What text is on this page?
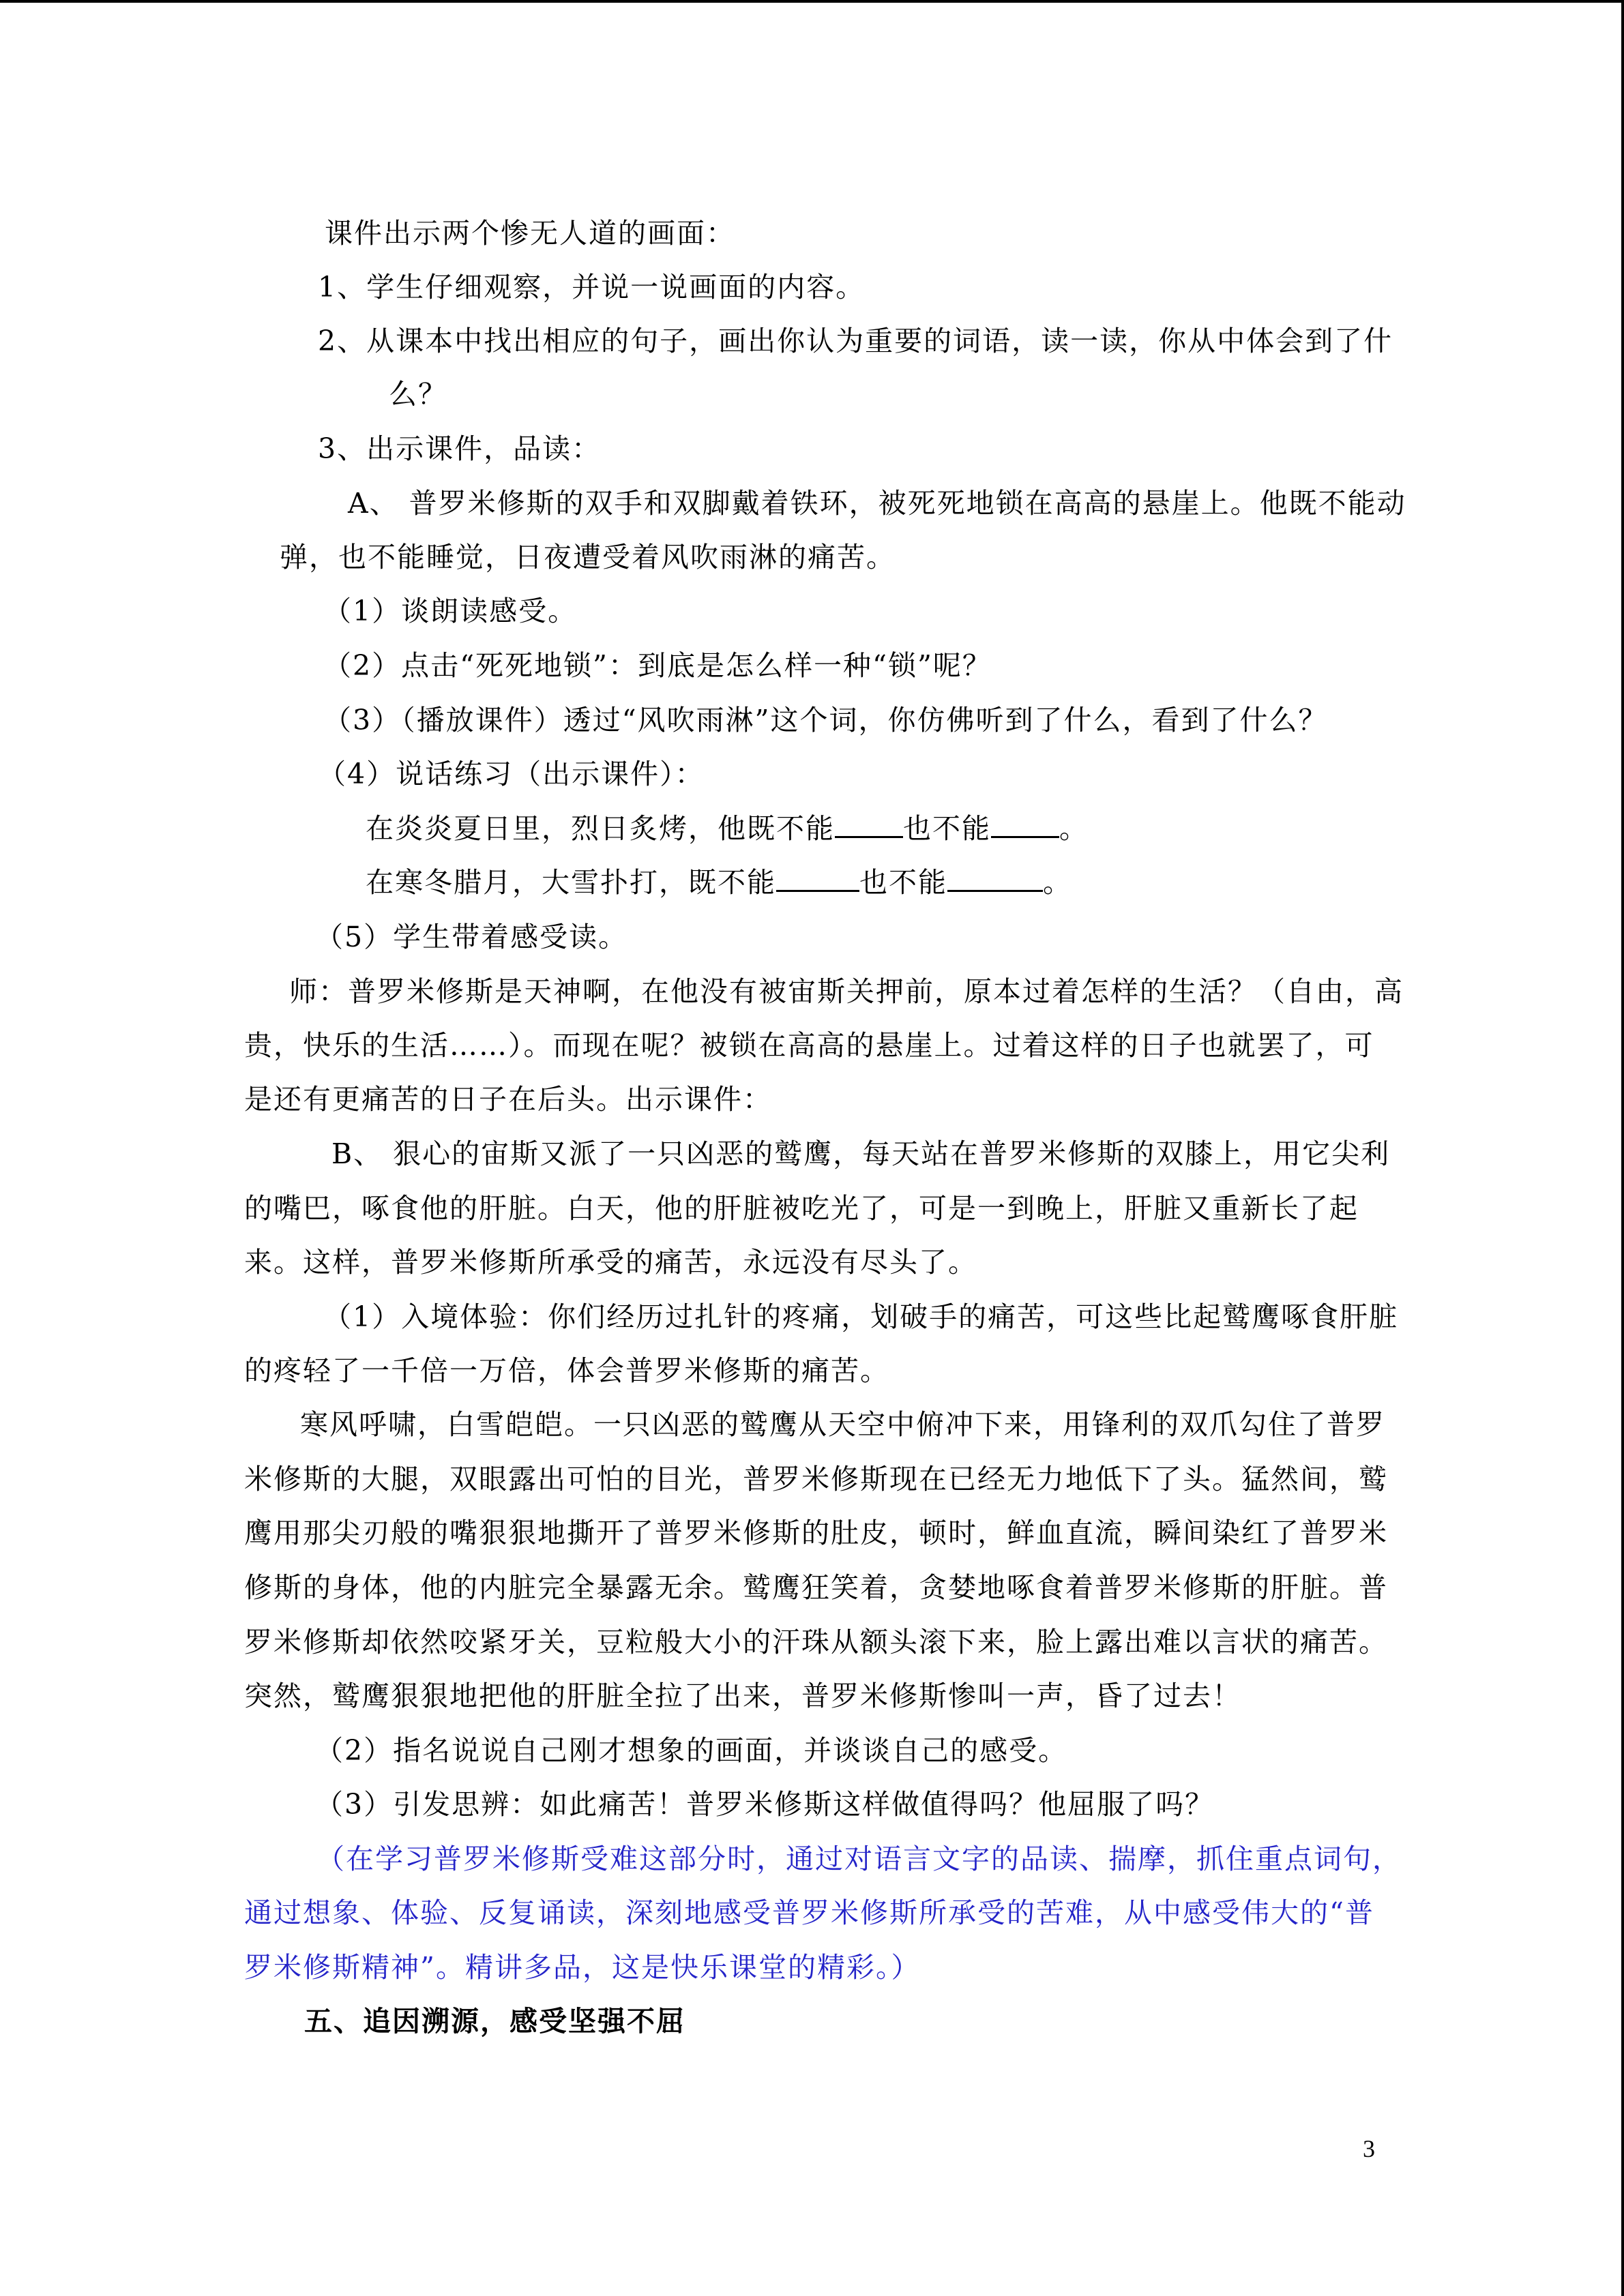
课件出示两个惨无人道的画面：
1、学生仔细观察，并说一说画面的内容。
2、从课本中找出相应的句子，画出你认为重要的词语，读一读，你从中体会到了什
么？
3、出示课件，品读：
A、 普罗米修斯的双手和双脚戴着铁环，被死死地锁在高高的悬崖上。他既不能动
弹，也不能睡觉，日夜遭受着风吹雨淋的痛苦。
（1）谈朗读感受。
（2）点击“死死地锁”：到底是怎么样一种“锁”呢？
（3）（播放课件）透过“风吹雨淋”这个词，你仿佛听到了什么，看到了什么？
（4）说话练习（出示课件）：
在炎炎夏日里，烈日炙烤，他既不能 也不能 。
在寒冬腊月，大雪扑打，既不能	也不能	。
（5）学生带着感受读。
师：普罗米修斯是天神啊，在他没有被宙斯关押前，原本过着怎样的生活？（自由，高
贵，快乐的生活……）。而现在呢？被锁在高高的悬崖上。过着这样的日子也就罢了，可
是还有更痛苦的日子在后头。出示课件：
B、 狠心的宙斯又派了一只凶恶的鹫鹰，每天站在普罗米修斯的双膝上，用它尖利
的嘴巴，啄食他的肝脏。白天，他的肝脏被吃光了，可是一到晚上，肝脏又重新长了起
来。这样，普罗米修斯所承受的痛苦，永远没有尽头了。
（1）入境体验：你们经历过扎针的疼痛，划破手的痛苦，可这些比起鹫鹰啄食肝脏
的疼轻了一千倍一万倍，体会普罗米修斯的痛苦。
寒风呼啸，白雪皑皑。一只凶恶的鹫鹰从天空中俯冲下来，用锋利的双爪勾住了普罗
米修斯的大腿，双眼露出可怕的目光，普罗米修斯现在已经无力地低下了头。猛然间，鹫
鹰用那尖刃般的嘴狠狠地撕开了普罗米修斯的肚皮，顿时，鲜血直流，瞬间染红了普罗米
修斯的身体，他的内脏完全暴露无余。鹫鹰狂笑着，贪婪地啄食着普罗米修斯的肝脏。普
罗米修斯却依然咬紧牙关，豆粒般大小的汗珠从额头滚下来，脸上露出难以言状的痛苦。
突然，鹫鹰狠狠地把他的肝脏全拉了出来，普罗米修斯惨叫一声，昏了过去！
（2）指名说说自己刚才想象的画面，并谈谈自己的感受。
（3）引发思辨：如此痛苦！普罗米修斯这样做值得吗？他屈服了吗？
（在学习普罗米修斯受难这部分时，通过对语言文字的品读、揣摩，抓住重点词句，
通过想象、体验、反复诵读，深刻地感受普罗米修斯所承受的苦难，从中感受伟大的“普
罗米修斯精神”。精讲多品，这是快乐课堂的精彩。）
五、追因溯源，感受坚强不屈
3
